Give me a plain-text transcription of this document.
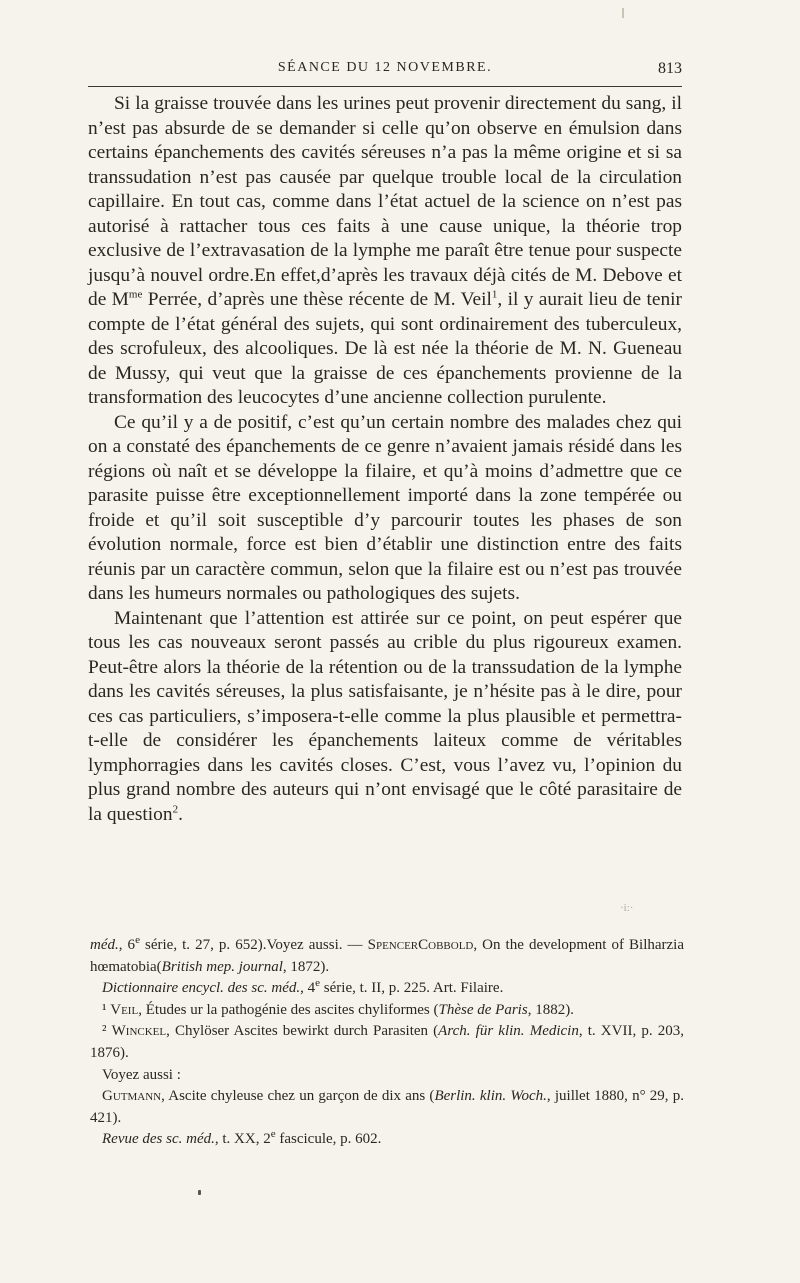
SÉANCE DU 12 NOVEMBRE.	813

Si la graisse trouvée dans les urines peut provenir directement du sang, il n’est pas absurde de se demander si celle qu’on observe en émulsion dans certains épanchements des cavités séreuses n’a pas la même origine et si sa transsudation n’est pas causée par quelque trouble local de la circulation capillaire. En tout cas, comme dans l’état actuel de la science on n’est pas autorisé à rattacher tous ces faits à une cause unique, la théorie trop exclusive de l’extravasation de la lymphe me paraît être tenue pour suspecte jusqu’à nouvel ordre.En effet,d’après les travaux déjà cités de M. Debove et de $M^{me}$ Perrée, d’après une thèse récente de M. Veil$^1$, il y aurait lieu de tenir compte de l’état général des sujets, qui sont ordinairement des tuberculeux, des scrofuleux, des alcooliques. De là est née la théorie de M. N. Gueneau de Mussy, qui veut que la graisse de ces épanchements provienne de la transformation des leucocytes d’une ancienne collection purulente.

Ce qu’il y a de positif, c’est qu’un certain nombre des malades chez qui on a constaté des épanchements de ce genre n’avaient jamais résidé dans les régions où naît et se développe la filaire, et qu’à moins d’admettre que ce parasite puisse être exceptionnellement importé dans la zone tempérée ou froide et qu’il soit susceptible d’y parcourir toutes les phases de son évolution normale, force est bien d’établir une distinction entre des faits réunis par un caractère commun, selon que la filaire est ou n’est pas trouvée dans les humeurs normales ou pathologiques des sujets.

Maintenant que l’attention est attirée sur ce point, on peut espérer que tous les cas nouveaux seront passés au crible du plus rigoureux examen. Peut-être alors la théorie de la rétention ou de la transsudation de la lymphe dans les cavités séreuses, la plus satisfaisante, je n’hésite pas à le dire, pour ces cas particuliers, s’imposera-t-elle comme la plus plausible et permettra-t-elle de considérer les épanchements laiteux comme de véritables lymphorragies dans les cavités closes. C’est, vous l’avez vu, l’opinion du plus grand nombre des auteurs qui n’ont envisagé que le côté parasitaire de la question$^2$.

·i:·

méd., 6e série, t. 27, p. 652).Voyez aussi. — SpencerCobbold, On the development of Bilharzia hœmatobia(British mep. journal, 1872).

Dictionnaire encycl. des sc. méd., 4e série, t. II, p. 225. Art. Filaire.

¹ Veil, Études ur la pathogénie des ascites chyliformes (Thèse de Paris, 1882).

² Winckel, Chylöser Ascites bewirkt durch Parasiten (Arch. für klin. Medicin, t. XVII, p. 203, 1876).

Voyez aussi :

Gutmann, Ascite chyleuse chez un garçon de dix ans (Berlin. klin. Woch., juillet 1880, n° 29, p. 421).

Revue des sc. méd., t. XX, 2e fascicule, p. 602.
